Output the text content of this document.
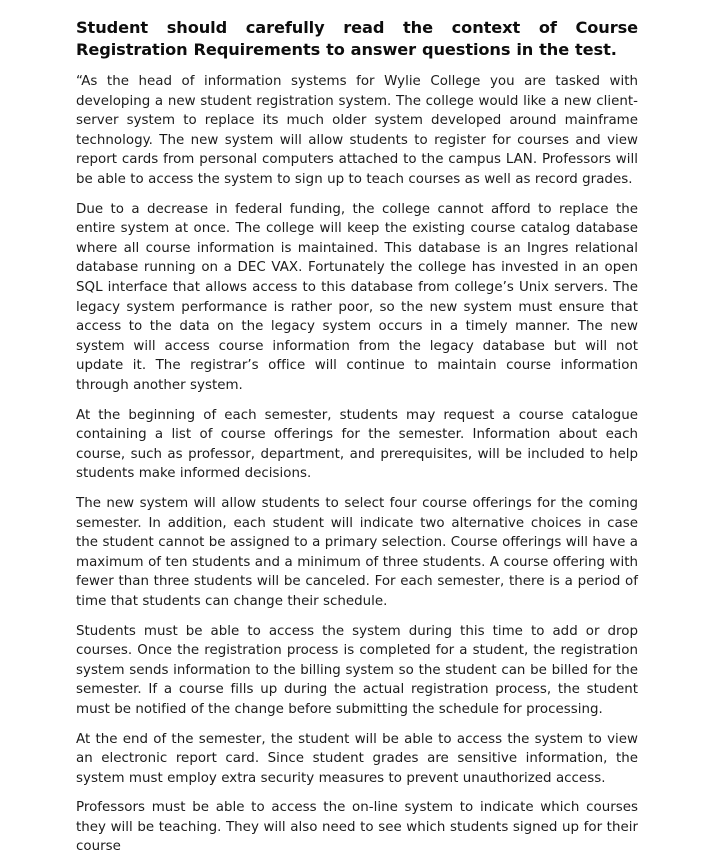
Student should carefully read the context of Course Registration Requirements to answer questions in the test.

“As the head of information systems for Wylie College you are tasked with developing a new student registration system. The college would like a new client-server system to replace its much older system developed around mainframe technology. The new system will allow students to register for courses and view report cards from personal computers attached to the campus LAN. Professors will be able to access the system to sign up to teach courses as well as record grades.

Due to a decrease in federal funding, the college cannot afford to replace the entire system at once. The college will keep the existing course catalog database where all course information is maintained. This database is an Ingres relational database running on a DEC VAX. Fortunately the college has invested in an open SQL interface that allows access to this database from college’s Unix servers. The legacy system performance is rather poor, so the new system must ensure that access to the data on the legacy system occurs in a timely manner. The new system will access course information from the legacy database but will not update it. The registrar’s office will continue to maintain course information through another system.

At the beginning of each semester, students may request a course catalogue containing a list of course offerings for the semester. Information about each course, such as professor, department, and prerequisites, will be included to help students make informed decisions.

The new system will allow students to select four course offerings for the coming semester. In addition, each student will indicate two alternative choices in case the student cannot be assigned to a primary selection. Course offerings will have a maximum of ten students and a minimum of three students. A course offering with fewer than three students will be canceled. For each semester, there is a period of time that students can change their schedule.

Students must be able to access the system during this time to add or drop courses. Once the registration process is completed for a student, the registration system sends information to the billing system so the student can be billed for the semester. If a course fills up during the actual registration process, the student must be notified of the change before submitting the schedule for processing.

At the end of the semester, the student will be able to access the system to view an electronic report card. Since student grades are sensitive information, the system must employ extra security measures to prevent unauthorized access.

Professors must be able to access the on-line system to indicate which courses they will be teaching. They will also need to see which students signed up for their course
